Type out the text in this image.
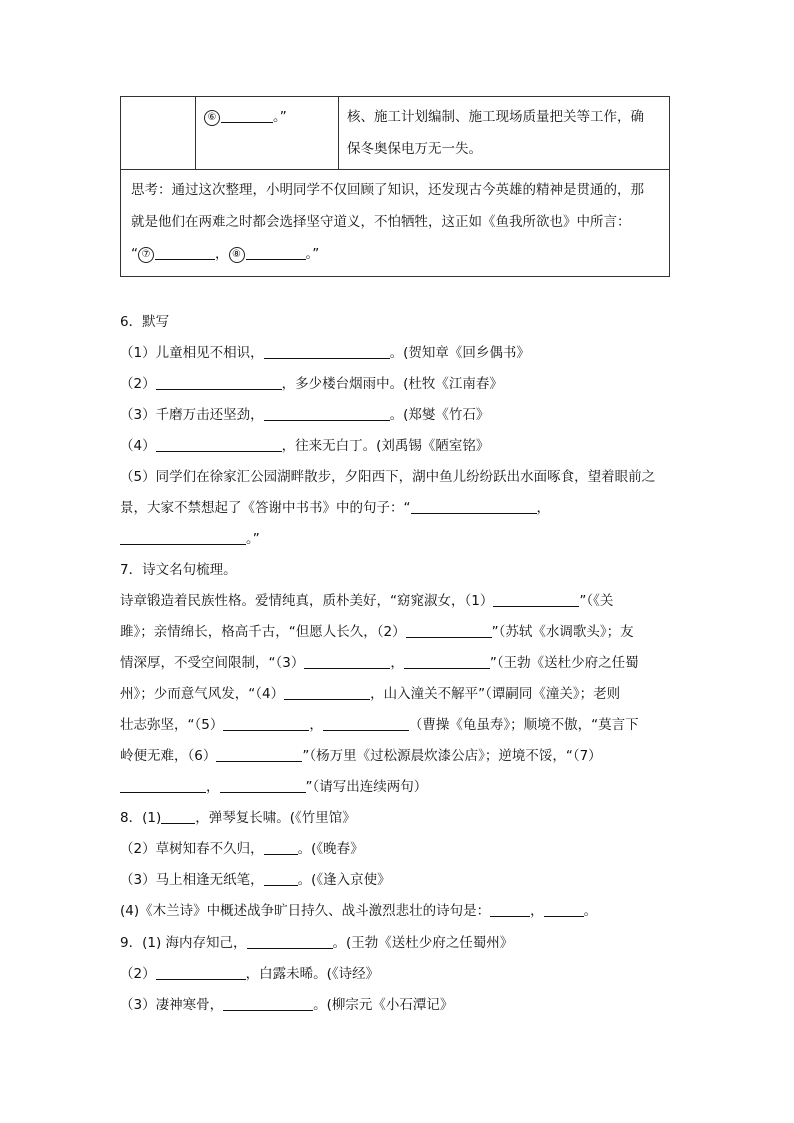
	⑥	。”	核、施工计划编制、施工现场质量把关等工作，确
保冬奥保电万无一失。

思考：通过这次整理，小明同学不仅回顾了知识，还发现古今英雄的精神是贯通的，那
就是他们在两难之时都会选择坚守道义，不怕牺牲，这正如《鱼我所欲也》中所言：
“ ⑦	， ⑧	。”
6．默写
（1）儿童相见不相识，	。(贺知章《回乡偶书》
（2）	，多少楼台烟雨中。(杜牧《江南春》
（3）千磨万击还坚劲，	。(郑燮《竹石》
（4）	，往来无白丁。(刘禹锡《陋室铭》
（5）同学们在徐家汇公园湖畔散步，夕阳西下，湖中鱼儿纷纷跃出水面啄食，望着眼前之
景，大家不禁想起了《答谢中书书》中的句子：“	，
。”
7．诗文名句梳理。
诗章锻造着民族性格。爱情纯真，质朴美好，“窈窕淑女，（1）	”（《关
雎》；亲情绵长，格高千古，“但愿人长久，（2）	”（苏轼《水调歌头》；友
情深厚，不受空间限制，“（3）	，	”（王勃《送杜少府之任蜀
州》；少而意气风发，“（4）	，山入潼关不解平”（谭嗣同《潼关》；老则
壮志弥坚，“（5）	，	（曹操《龟虽寿》；顺境不傲，“莫言下
岭便无难，（6）	”（杨万里《过松源晨炊漆公店》；逆境不馁，“（7）
，	”（请写出连续两句）
8．(1)	，弹琴复长啸。(《竹里馆》
（2）草树知春不久归，	。(《晚春》
（3）马上相逢无纸笔，	。(《逢入京使》
(4)《木兰诗》中概述战争旷日持久、战斗激烈悲壮的诗句是：	，	。
9．(1) 海内存知己，	。(王勃《送杜少府之任蜀州》
（2）	，白露未晞。(《诗经》
（3）凄神寒骨，	。(柳宗元《小石潭记》
